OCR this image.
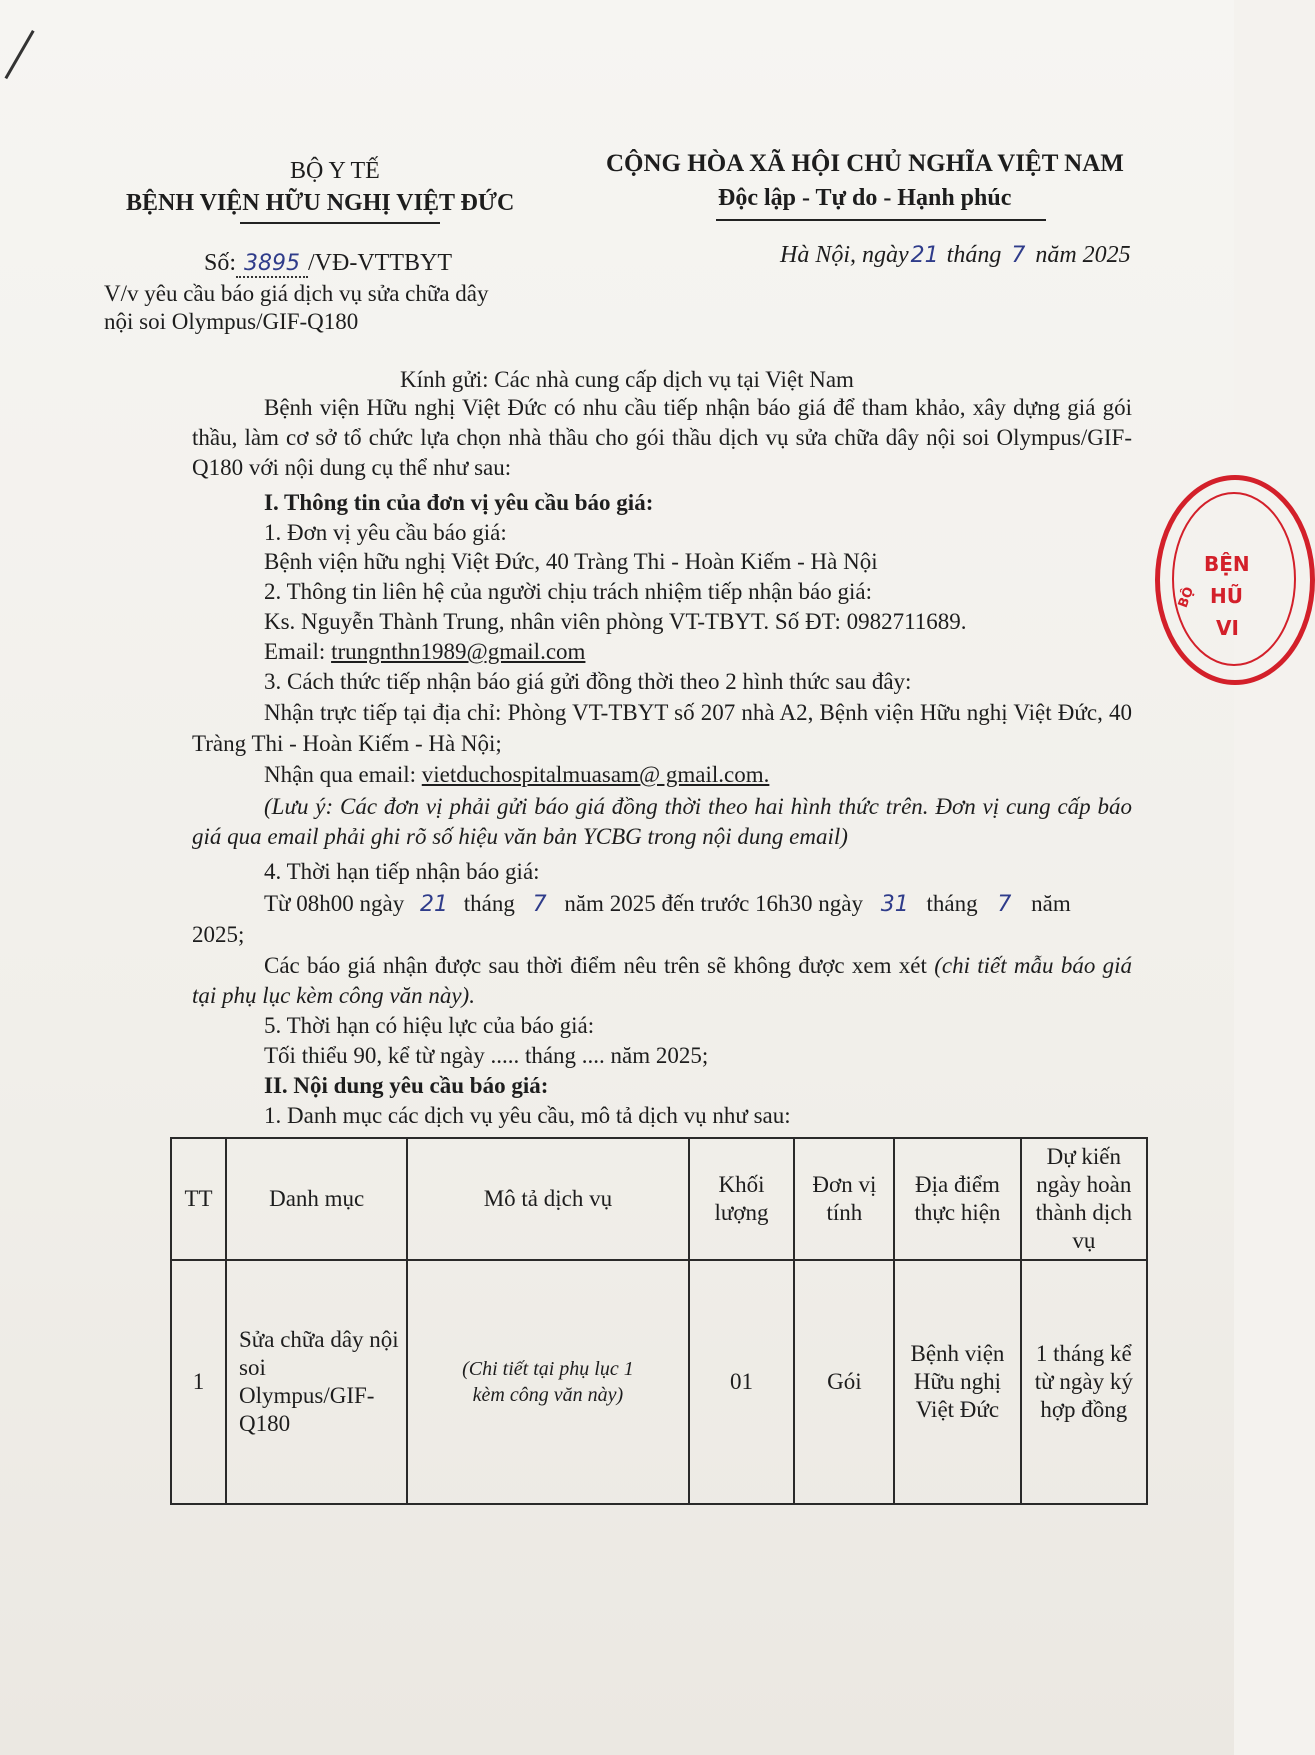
BỘ Y TẾ
BỆNH VIỆN HỮU NGHỊ VIỆT ĐỨC
Số: 3895 /VĐ-VTTBYT
V/v yêu cầu báo giá dịch vụ sửa chữa dây
nội soi Olympus/GIF-Q180
CỘNG HÒA XÃ HỘI CHỦ NGHĨA VIỆT NAM
Độc lập - Tự do - Hạnh phúc
Hà Nội, ngày21 tháng 7 năm 2025
Kính gửi: Các nhà cung cấp dịch vụ tại Việt Nam
Bệnh viện Hữu nghị Việt Đức có nhu cầu tiếp nhận báo giá để tham khảo, xây dựng giá gói thầu, làm cơ sở tổ chức lựa chọn nhà thầu cho gói thầu dịch vụ sửa chữa dây nội soi Olympus/GIF-Q180 với nội dung cụ thể như sau:
I. Thông tin của đơn vị yêu cầu báo giá:
1. Đơn vị yêu cầu báo giá:
Bệnh viện hữu nghị Việt Đức, 40 Tràng Thi - Hoàn Kiếm - Hà Nội
2. Thông tin liên hệ của người chịu trách nhiệm tiếp nhận báo giá:
Ks. Nguyễn Thành Trung, nhân viên phòng VT-TBYT. Số ĐT: 0982711689.
Email: trungnthn1989@gmail.com
3. Cách thức tiếp nhận báo giá gửi đồng thời theo 2 hình thức sau đây:
Nhận trực tiếp tại địa chỉ: Phòng VT-TBYT số 207 nhà A2, Bệnh viện Hữu nghị Việt Đức, 40 Tràng Thi - Hoàn Kiếm - Hà Nội;
Nhận qua email: vietduchospitalmuasam@ gmail.com.
(Lưu ý: Các đơn vị phải gửi báo giá đồng thời theo hai hình thức trên. Đơn vị cung cấp báo giá qua email phải ghi rõ số hiệu văn bản YCBG trong nội dung email)
4. Thời hạn tiếp nhận báo giá:
Từ 08h00 ngày 21 tháng 7 năm 2025 đến trước 16h30 ngày 31 tháng 7 năm
2025;
Các báo giá nhận được sau thời điểm nêu trên sẽ không được xem xét (chi tiết mẫu báo giá tại phụ lục kèm công văn này).
5. Thời hạn có hiệu lực của báo giá:
Tối thiểu 90, kể từ ngày ..... tháng .... năm 2025;
II. Nội dung yêu cầu báo giá:
1. Danh mục các dịch vụ yêu cầu, mô tả dịch vụ như sau:
TT	Danh mục	Mô tả dịch vụ	Khối lượng	Đơn vị tính	Địa điểm thực hiện	Dự kiến ngày hoàn thành dịch vụ
1	Sửa chữa dây nội soi Olympus/GIF-Q180	(Chi tiết tại phụ lục 1 kèm công văn này)	01	Gói	Bệnh viện Hữu nghị Việt Đức	1 tháng kể từ ngày ký hợp đồng
BỆN
HŨ
VI
BỘ
